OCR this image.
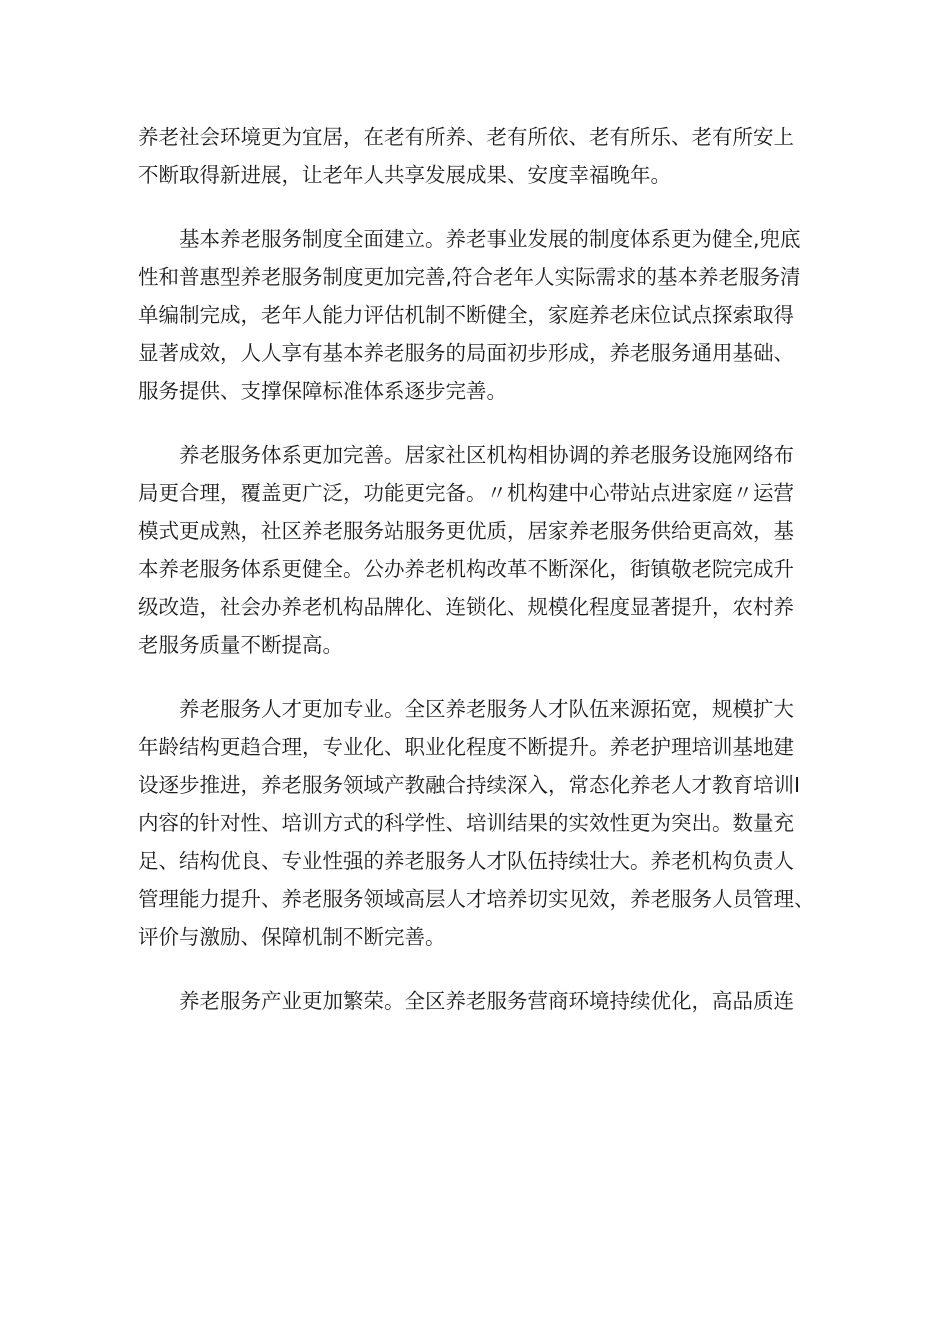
养老社会环境更为宜居，在老有所养、老有所依、老有所乐、老有所安上
不断取得新进展，让老年人共享发展成果、安度幸福晚年。

基本养老服务制度全面建立。养老事业发展的制度体系更为健全,兜底
性和普惠型养老服务制度更加完善,符合老年人实际需求的基本养老服务清
单编制完成，老年人能力评估机制不断健全，家庭养老床位试点探索取得
显著成效，人人享有基本养老服务的局面初步形成，养老服务通用基础、
服务提供、支撑保障标准体系逐步完善。

养老服务体系更加完善。居家社区机构相协调的养老服务设施网络布
局更合理，覆盖更广泛，功能更完备。〃机构建中心带站点进家庭〃运营
模式更成熟，社区养老服务站服务更优质，居家养老服务供给更高效，基
本养老服务体系更健全。公办养老机构改革不断深化，街镇敬老院完成升
级改造，社会办养老机构品牌化、连锁化、规模化程度显著提升，农村养
老服务质量不断提高。

养老服务人才更加专业。全区养老服务人才队伍来源拓宽，规模扩大
年龄结构更趋合理，专业化、职业化程度不断提升。养老护理培训基地建
设逐步推进，养老服务领域产教融合持续深入，常态化养老人才教育培训I
内容的针对性、培训方式的科学性、培训结果的实效性更为突出。数量充
足、结构优良、专业性强的养老服务人才队伍持续壮大。养老机构负责人
管理能力提升、养老服务领域高层人才培养切实见效，养老服务人员管理、
评价与激励、保障机制不断完善。

养老服务产业更加繁荣。全区养老服务营商环境持续优化，高品质连
